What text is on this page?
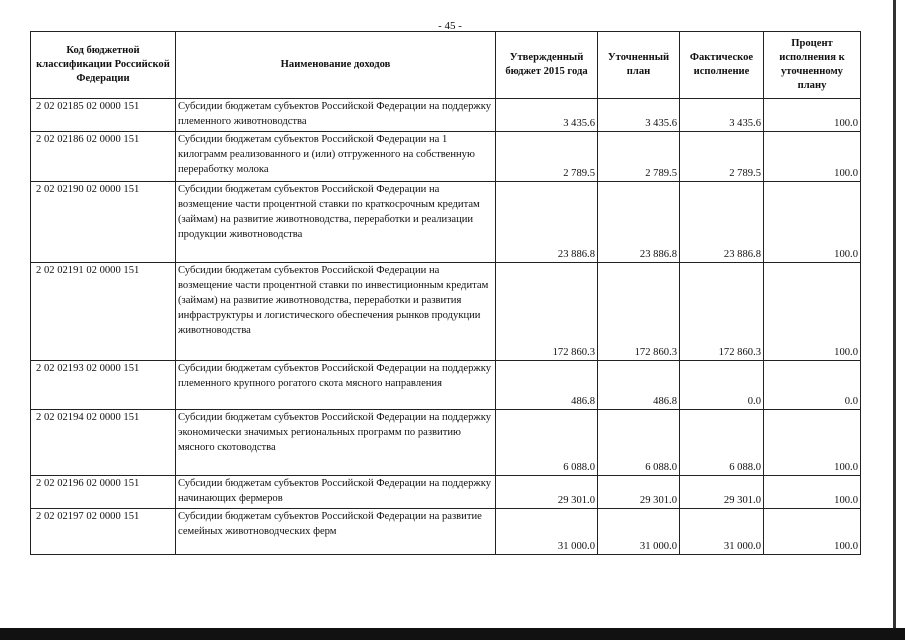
- 45 -
Код бюджетной классификации Российской Федерации	Наименование доходов	Утвержденный бюджет 2015 года	Уточненный план	Фактическое исполнение	Процент исполнения к уточненному плану
2 02 02185 02 0000 151	Субсидии бюджетам субъектов Российской Федерации на поддержку племенного животноводства	3 435.6	3 435.6	3 435.6	100.0
2 02 02186 02 0000 151	Субсидии бюджетам субъектов Российской Федерации на 1 килограмм реализованного и (или) отгруженного на собственную переработку молока	2 789.5	2 789.5	2 789.5	100.0
2 02 02190 02 0000 151	Субсидии бюджетам субъектов Российской Федерации на возмещение части процентной ставки по краткосрочным кредитам (займам) на развитие животноводства, переработки и реализации продукции животноводства	23 886.8	23 886.8	23 886.8	100.0
2 02 02191 02 0000 151	Субсидии бюджетам субъектов Российской Федерации на возмещение части процентной ставки по инвестиционным кредитам (займам) на развитие животноводства, переработки и развития инфраструктуры и логистического обеспечения рынков продукции животноводства	172 860.3	172 860.3	172 860.3	100.0
2 02 02193 02 0000 151	Субсидии бюджетам субъектов Российской Федерации на поддержку племенного крупного рогатого скота мясного направления	486.8	486.8	0.0	0.0
2 02 02194 02 0000 151	Субсидии бюджетам субъектов Российской Федерации на поддержку экономически значимых региональных программ по развитию мясного скотоводства	6 088.0	6 088.0	6 088.0	100.0
2 02 02196 02 0000 151	Субсидии бюджетам субъектов Российской Федерации на поддержку начинающих фермеров	29 301.0	29 301.0	29 301.0	100.0
2 02 02197 02 0000 151	Субсидии бюджетам субъектов Российской Федерации на развитие семейных животноводческих ферм	31 000.0	31 000.0	31 000.0	100.0
